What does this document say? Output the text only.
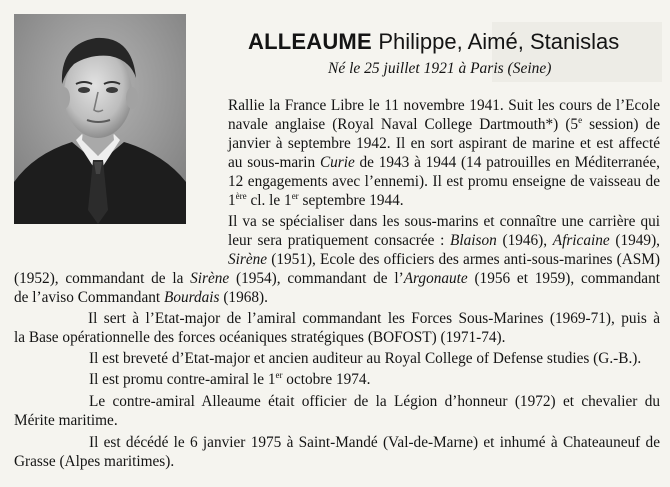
ALLEAUME Philippe, Aimé, Stanislas
Né le 25 juillet 1921 à Paris (Seine)
Rallie la France Libre le 11 novembre 1941. Suit les cours de l’Ecole
navale anglaise (Royal Naval College Dartmouth*) (5e session) de
janvier à septembre 1942. Il en sort aspirant de marine et est affecté
au sous-marin Curie de 1943 à 1944 (14 patrouilles en Méditerranée,
12 engagements avec l’ennemi). Il est promu enseigne de vaisseau de
1ère cl. le 1er septembre 1944.
Il va se spécialiser dans les sous-marins et connaître une carrière qui
leur sera pratiquement consacrée : Blaison (1946), Africaine (1949),
Sirène (1951), Ecole des officiers des armes anti-sous-marines (ASM)
(1952), commandant de la Sirène (1954), commandant de l’Argonaute (1956 et 1959), commandant
de l’aviso Commandant Bourdais (1968).
Il sert à l’Etat-major de l’amiral commandant les Forces Sous-Marines (1969-71), puis à
la Base opérationnelle des forces océaniques stratégiques (BOFOST) (1971-74).
Il est breveté d’Etat-major et ancien auditeur au Royal College of Defense studies (G.-B.).
Il est promu contre-amiral le 1er octobre 1974.
Le contre-amiral Alleaume était officier de la Légion d’honneur (1972) et chevalier du
Mérite maritime.
Il est décédé le 6 janvier 1975 à Saint-Mandé (Val-de-Marne) et inhumé à Chateauneuf de
Grasse (Alpes maritimes).
